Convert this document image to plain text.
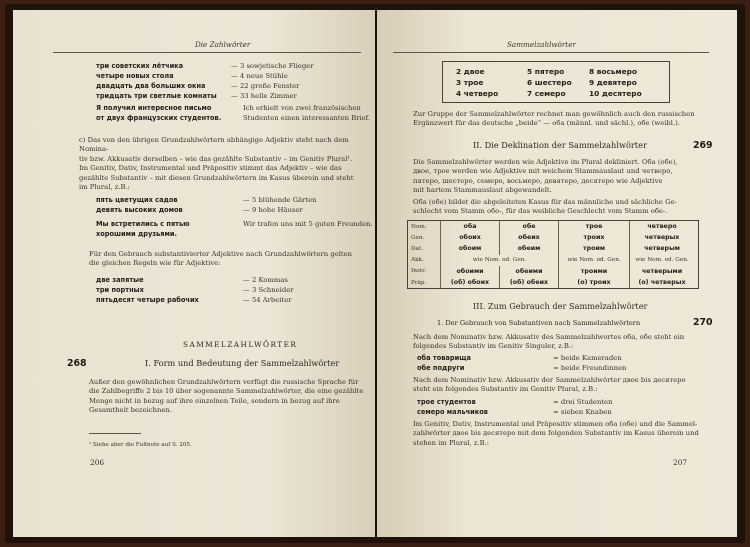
Die Zahlwörter
три советских лётчика	— 3 sowjetische Flieger
четыре новых стола	— 4 neue Stühle
двадцать два больших окна	— 22 große Fenster
тридцать три светлые комнаты — 33 helle Zimmer
Я получил интересное письмо
от двух французских студентов.
Ich erhielt von zwei französischen
Studenten einen interessanten Brief.
c) Das von den übrigen Grundzahlwörtern abhängige Adjektiv steht nach dem Nomina-
tiv bzw. Akkusativ derselben – wie das gezählte Substantiv – im Genitiv Plural¹.
Im Genitiv, Dativ, Instrumental und Präpositiv stimmt das Adjektiv – wie das
gezählte Substantiv – mit diesen Grundzahlwörtern im Kasus überein und steht
im Plural, z.B.:
пять цветущих садов	— 5 blühende Gärten
девять высоких домов	— 9 hohe Häuser
Мы встретились с пятью
хорошими друзьями.
Wir trafen uns mit 5 guten Freunden.
Für den Gebrauch substantivierter Adjektive nach Grundzahlwörtern gelten
die gleichen Regeln wie für Adjektive:
две запятые	— 2 Kommas
три портных	— 3 Schneider
пятьдесят четыре рабочих	— 54 Arbeiter
SAMMELZAHLWÖRTER
268	I. Form und Bedeutung der Sammelzahlwörter
Außer den gewöhnlichen Grundzahlwörtern verfügt die russische Sprache für
die Zahlbegriffe 2 bis 10 über sogenannte Sammelzahlwörter, die eine gezählte
Menge nicht in bezug auf ihre einzelnen Teile, sondern in bezug auf ihre
Gesamtheit bezeichnen.
¹ Siehe aber die Fußnote auf S. 205.
206
Sammelzahlwörter
2 двое	5 пятеро	8 восьмеро
3 трое	6 шестеро 9 девятеро
4 четверо	7 семеро	10 десятеро
Zur Gruppe der Sammelzahlwörter rechnet man gewöhnlich auch den russischen
Ergänzwert für das deutsche „beide“ — оба (männl. und sächl.), обе (weibl.).
II. Die Deklination der Sammelzahlwörter	269
Die Sammelzahlwörter werden wie Adjektive im Plural dekliniert. Оба (обе),
двое, трое werden wie Adjektive mit weichem Stammauslaut und четверо,
пятеро, шестеро, семеро, восьмеро, девятеро, десятеро wie Adjektive
mit hartem Stammauslaut abgewandelt.
Оба (обе) bildet die abgeleiteten Kasus für das männliche und sächliche Ge-
schlecht vom Stamm обо-, für das weibliche Geschlecht vom Stamm обе-.
Nom.	оба	обе	трое	четверо
Gen.	обоих	обеих	троих	четверых
Dat.	обоим	обеим	троим	четверым
Akk.	wie Nom. od. Gen.		wie Nom. od. Gen.	wie Nom. od. Gen.
Instr.	обоими	обеими	троими	четверыми
Präp.	(об) обоих	(об) обеих	(о) троих	(о) четверых
III. Zum Gebrauch der Sammelzahlwörter
1. Der Gebrauch von Substantiven nach Sammelzahlwörtern	270
Nach dem Nominativ bzw. Akkusativ des Sammelzahlwortes оба, обе steht ein
folgendes Substantiv im Genitiv Singuler, z.B.:
оба товарища	= beide Kameraden
обе подруги	= beide Freundinnen
Nach dem Nominativ bzw. Akkusativ der Sammelzahlwörter двое bis десятеро
steht ein folgendes Substantiv im Genitiv Plural, z.B.:
трое студентов	= drei Studenten
семеро мальчиков	= sieben Knaben
Im Genitiv, Dativ, Instrumental und Präpositiv stimmen оба (обе) und die Sammel-
zahlwörter двое bis десятеро mit dem folgenden Substantiv im Kasus überein und
stehen im Plural, z.B.:
207
